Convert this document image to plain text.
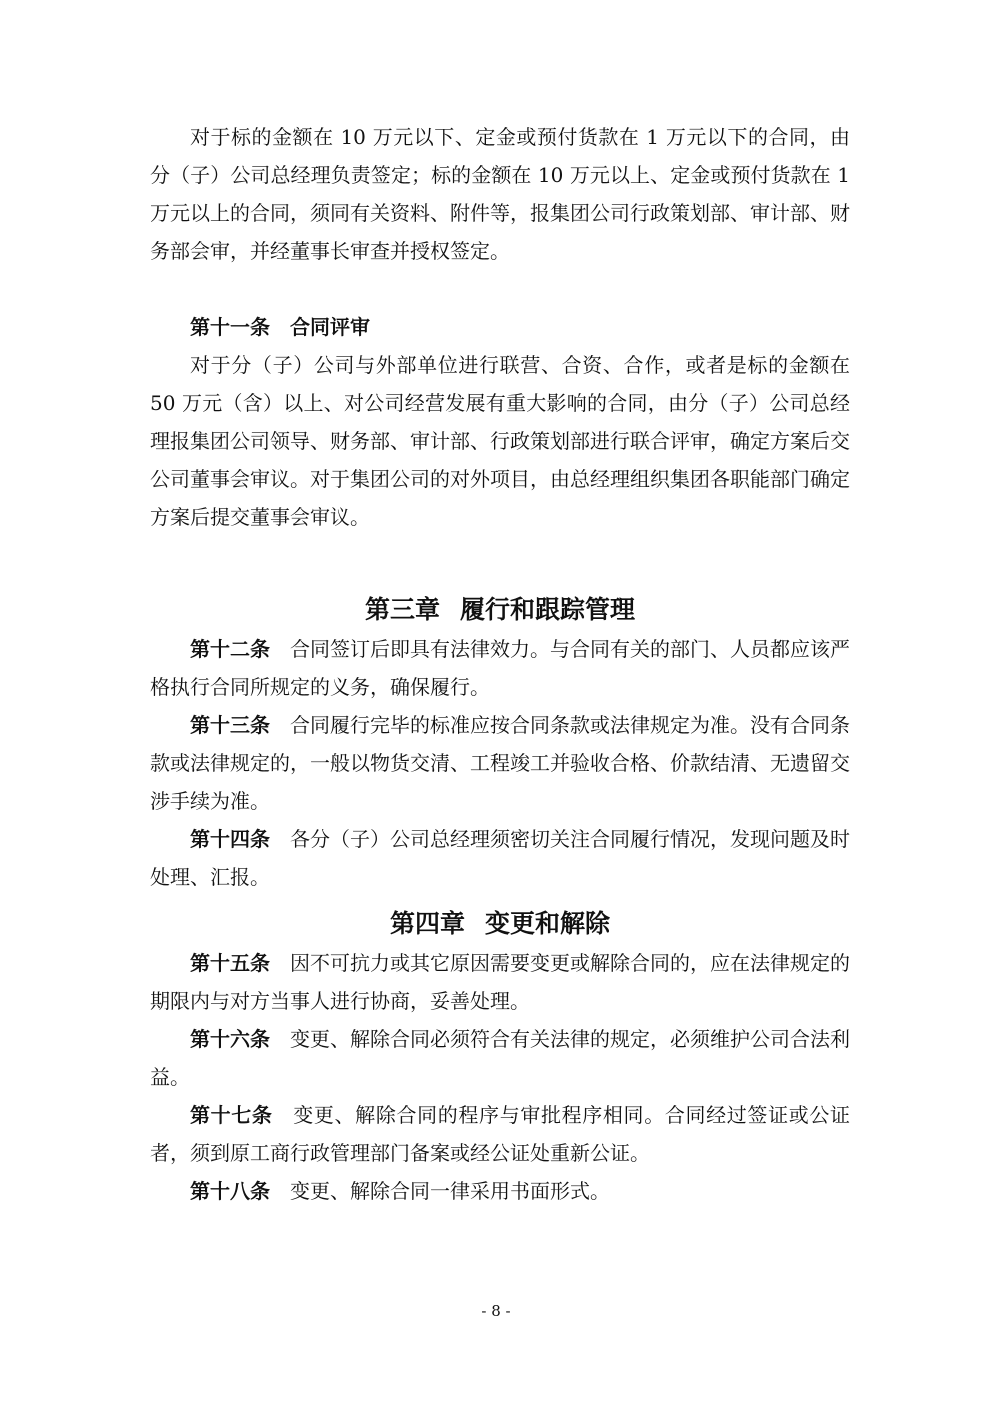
对于标的金额在 10 万元以下、定金或预付货款在 1 万元以下的合同，由分（子）公司总经理负责签定；标的金额在 10 万元以上、定金或预付货款在 1 万元以上的合同，须同有关资料、附件等，报集团公司行政策划部、审计部、财务部会审，并经董事长审查并授权签定。

第十一条 合同评审

对于分（子）公司与外部单位进行联营、合资、合作，或者是标的金额在 50 万元（含）以上、对公司经营发展有重大影响的合同，由分（子）公司总经理报集团公司领导、财务部、审计部、行政策划部进行联合评审，确定方案后交公司董事会审议。对于集团公司的对外项目，由总经理组织集团各职能部门确定方案后提交董事会审议。

第三章 履行和跟踪管理

第十二条 合同签订后即具有法律效力。与合同有关的部门、人员都应该严格执行合同所规定的义务，确保履行。

第十三条 合同履行完毕的标准应按合同条款或法律规定为准。没有合同条款或法律规定的，一般以物货交清、工程竣工并验收合格、价款结清、无遗留交涉手续为准。

第十四条 各分（子）公司总经理须密切关注合同履行情况，发现问题及时处理、汇报。

第四章 变更和解除

第十五条 因不可抗力或其它原因需要变更或解除合同的，应在法律规定的期限内与对方当事人进行协商，妥善处理。

第十六条 变更、解除合同必须符合有关法律的规定，必须维护公司合法利益。

第十七条 变更、解除合同的程序与审批程序相同。合同经过签证或公证者，须到原工商行政管理部门备案或经公证处重新公证。

第十八条 变更、解除合同一律采用书面形式。

- 8 -
